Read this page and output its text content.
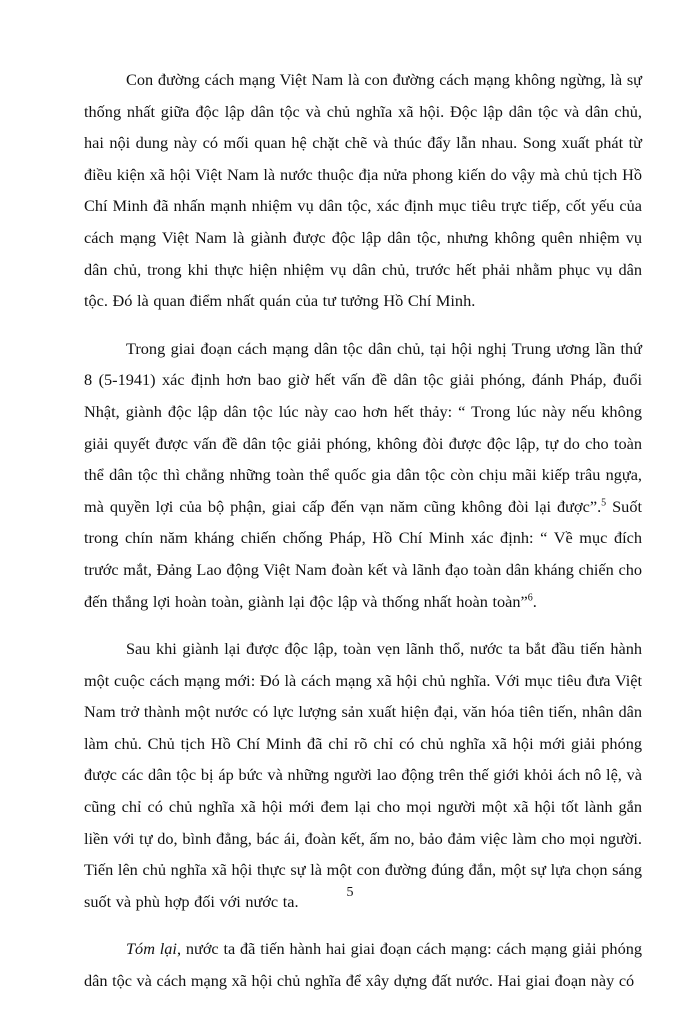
Con đường cách mạng Việt Nam là con đường cách mạng không ngừng, là sự thống nhất giữa độc lập dân tộc và chủ nghĩa xã hội. Độc lập dân tộc và dân chủ, hai nội dung này có mối quan hệ chặt chẽ và thúc đẩy lẫn nhau. Song xuất phát từ điều kiện xã hội Việt Nam là nước thuộc địa nửa phong kiến do vậy mà chủ tịch Hồ Chí Minh đã nhấn mạnh nhiệm vụ dân tộc, xác định mục tiêu trực tiếp, cốt yếu của cách mạng Việt Nam là giành được độc lập dân tộc, nhưng không quên nhiệm vụ dân chủ, trong khi thực hiện nhiệm vụ dân chủ, trước hết phải nhằm phục vụ dân tộc. Đó là quan điểm nhất quán của tư tưởng Hồ Chí Minh.

Trong giai đoạn cách mạng dân tộc dân chủ, tại hội nghị Trung ương lần thứ 8 (5-1941) xác định hơn bao giờ hết vấn đề dân tộc giải phóng, đánh Pháp, đuổi Nhật, giành độc lập dân tộc lúc này cao hơn hết thảy: “ Trong lúc này nếu không giải quyết được vấn đề dân tộc giải phóng, không đòi được độc lập, tự do cho toàn thể dân tộc thì chẳng những toàn thể quốc gia dân tộc còn chịu mãi kiếp trâu ngựa, mà quyền lợi của bộ phận, giai cấp đến vạn năm cũng không đòi lại được”.$^5$ Suốt trong chín năm kháng chiến chống Pháp, Hồ Chí Minh xác định: “ Về mục đích trước mắt, Đảng Lao động Việt Nam đoàn kết và lãnh đạo toàn dân kháng chiến cho đến thắng lợi hoàn toàn, giành lại độc lập và thống nhất hoàn toàn”$^6$.

Sau khi giành lại được độc lập, toàn vẹn lãnh thổ, nước ta bắt đầu tiến hành một cuộc cách mạng mới: Đó là cách mạng xã hội chủ nghĩa. Với mục tiêu đưa Việt Nam trở thành một nước có lực lượng sản xuất hiện đại, văn hóa tiên tiến, nhân dân làm chủ. Chủ tịch Hồ Chí Minh đã chỉ rõ chỉ có chủ nghĩa xã hội mới giải phóng được các dân tộc bị áp bức và những người lao động trên thế giới khỏi ách nô lệ, và cũng chỉ có chủ nghĩa xã hội mới đem lại cho mọi người một xã hội tốt lành gắn liền với tự do, bình đẳng, bác ái, đoàn kết, ấm no, bảo đảm việc làm cho mọi người. Tiến lên chủ nghĩa xã hội thực sự là một con đường đúng đắn, một sự lựa chọn sáng suốt và phù hợp đối với nước ta.

Tóm lại, nước ta đã tiến hành hai giai đoạn cách mạng: cách mạng giải phóng dân tộc và cách mạng xã hội chủ nghĩa để xây dựng đất nước. Hai giai đoạn này có

5
